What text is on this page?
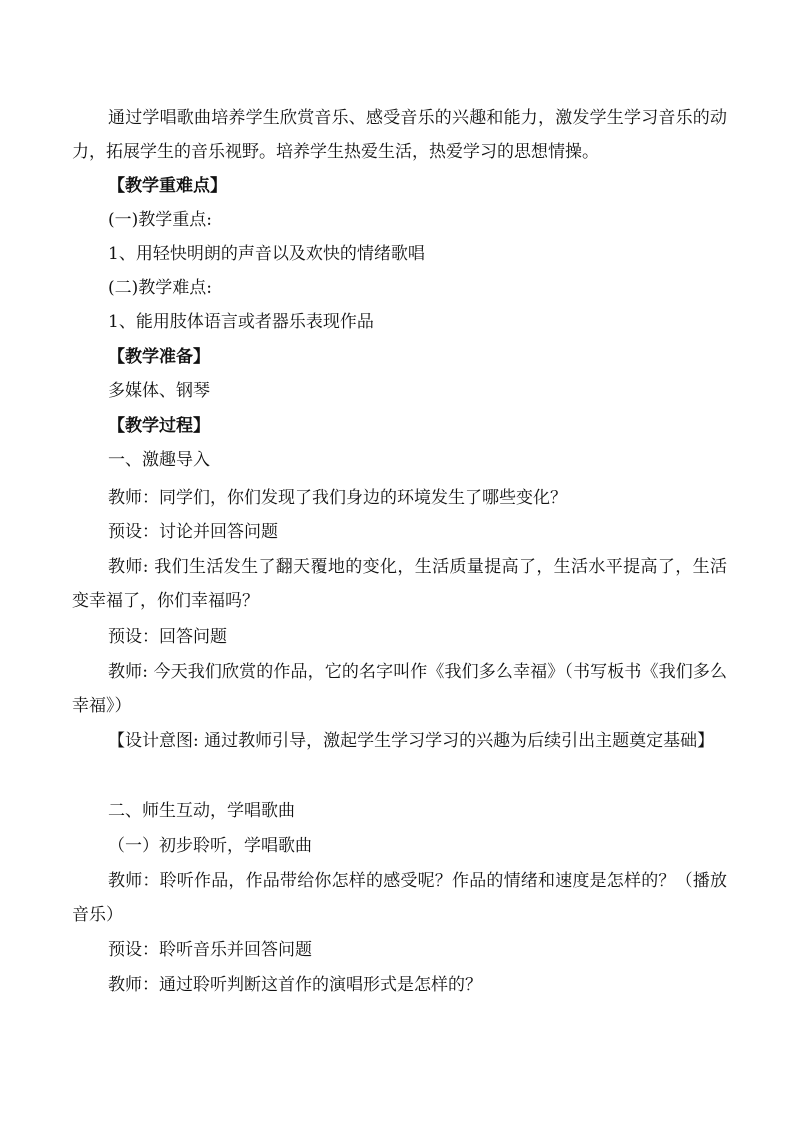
通过学唱歌曲培养学生欣赏音乐、感受音乐的兴趣和能力，激发学生学习音乐的动力，拓展学生的音乐视野。培养学生热爱生活，热爱学习的思想情操。

【教学重难点】

(一)教学重点:

1、用轻快明朗的声音以及欢快的情绪歌唱

(二)教学难点:

1、能用肢体语言或者器乐表现作品

【教学准备】

多媒体、钢琴

【教学过程】

一、激趣导入

教师：同学们，你们发现了我们身边的环境发生了哪些变化？

预设：讨论并回答问题

教师: 我们生活发生了翻天覆地的变化，生活质量提高了，生活水平提高了，生活变幸福了，你们幸福吗？

预设：回答问题

教师: 今天我们欣赏的作品，它的名字叫作《我们多么幸福》（书写板书《我们多么幸福》）

【设计意图: 通过教师引导，激起学生学习学习的兴趣为后续引出主题奠定基础】

二、师生互动，学唱歌曲

（一）初步聆听，学唱歌曲

教师：聆听作品，作品带给你怎样的感受呢？作品的情绪和速度是怎样的？（播放音乐）

预设：聆听音乐并回答问题

教师：通过聆听判断这首作的演唱形式是怎样的？
